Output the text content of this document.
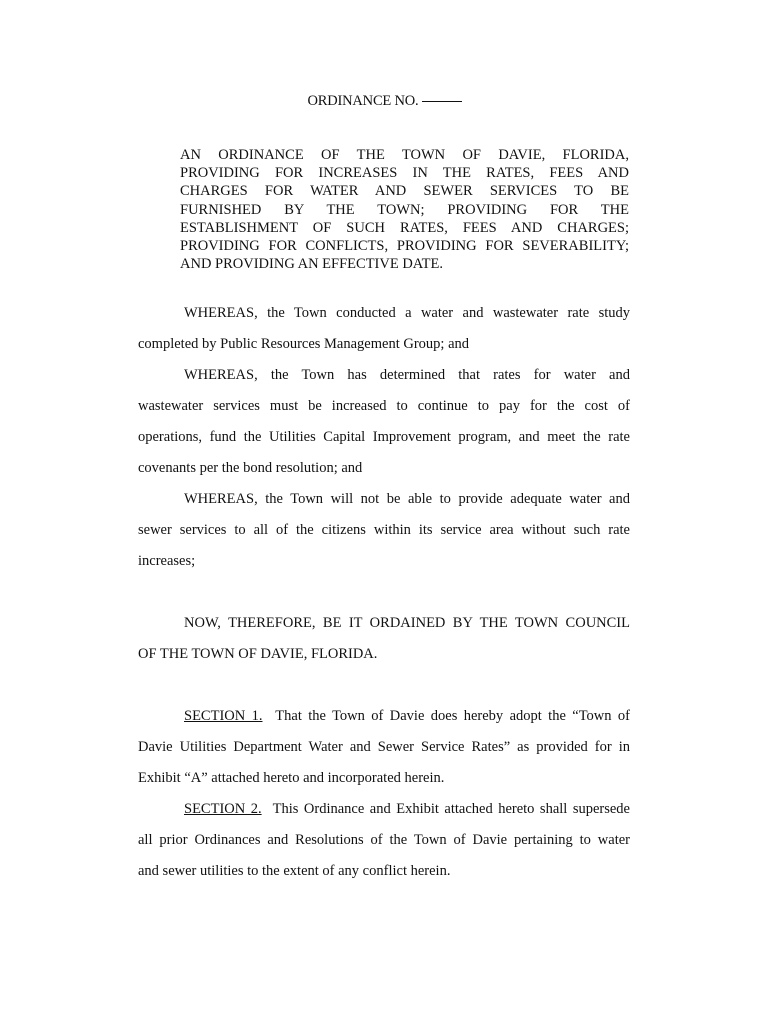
ORDINANCE NO.
AN ORDINANCE OF THE TOWN OF DAVIE, FLORIDA,
PROVIDING FOR INCREASES IN THE RATES, FEES AND
CHARGES FOR WATER AND SEWER SERVICES TO BE
FURNISHED BY THE TOWN; PROVIDING FOR THE
ESTABLISHMENT OF SUCH RATES, FEES AND CHARGES;
PROVIDING FOR CONFLICTS, PROVIDING FOR SEVERABILITY;
AND PROVIDING AN EFFECTIVE DATE.
WHEREAS, the Town conducted a water and wastewater rate study
completed by Public Resources Management Group; and
WHEREAS, the Town has determined that rates for water and
wastewater services must be increased to continue to pay for the cost of
operations, fund the Utilities Capital Improvement program, and meet the rate
covenants per the bond resolution; and
WHEREAS, the Town will not be able to provide adequate water and
sewer services to all of the citizens within its service area without such rate
increases;
NOW, THEREFORE, BE IT ORDAINED BY THE TOWN COUNCIL
OF THE TOWN OF DAVIE, FLORIDA.
SECTION 1. That the Town of Davie does hereby adopt the “Town of
Davie Utilities Department Water and Sewer Service Rates” as provided for in
Exhibit “A” attached hereto and incorporated herein.
SECTION 2. This Ordinance and Exhibit attached hereto shall supersede
all prior Ordinances and Resolutions of the Town of Davie pertaining to water
and sewer utilities to the extent of any conflict herein.
